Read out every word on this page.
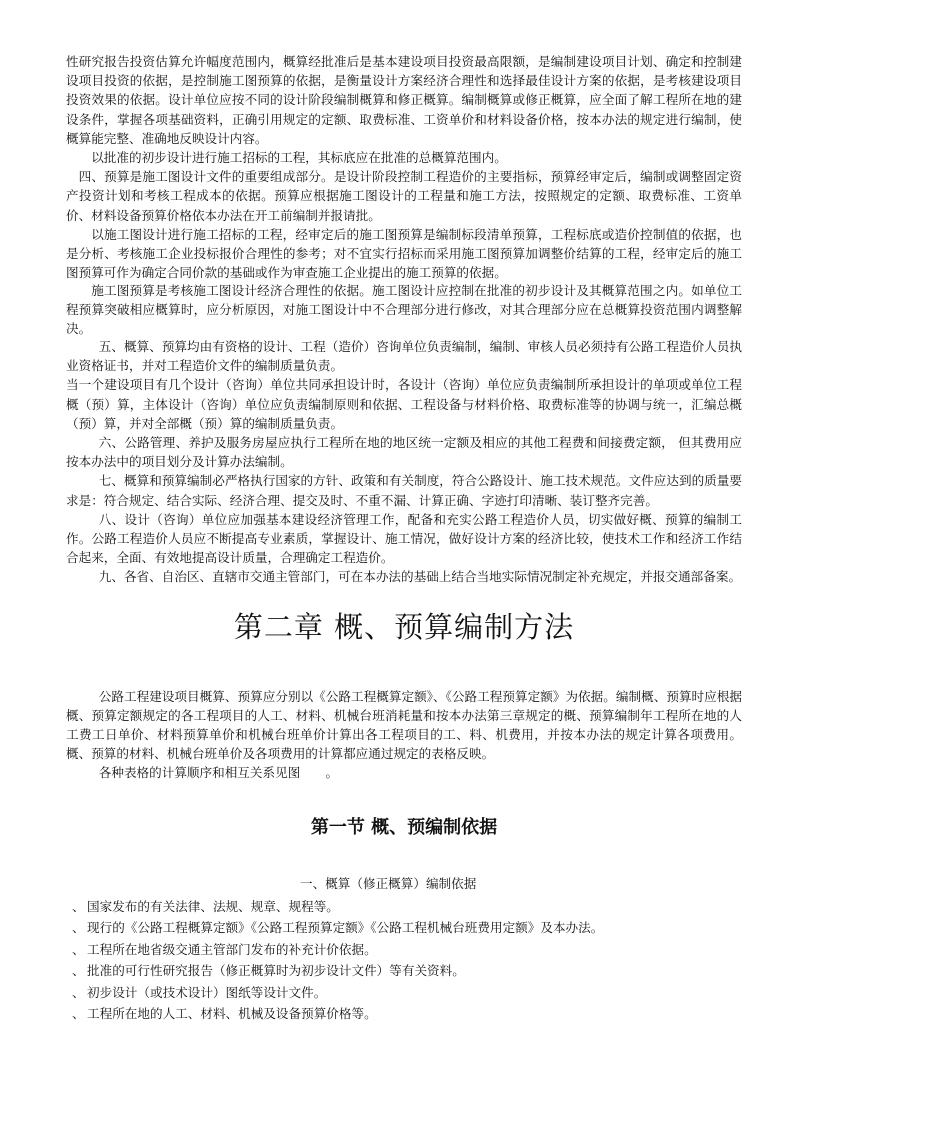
性研究报告投资估算允许幅度范围内，概算经批准后是基本建设项目投资最高限额，是编制建设项目计划、确定和控制建设项目投资的依据，是控制施工图预算的依据，是衡量设计方案经济合理性和选择最佳设计方案的依据，是考核建设项目投资效果的依据。设计单位应按不同的设计阶段编制概算和修正概算。编制概算或修正概算，应全面了解工程所在地的建设条件，掌握各项基础资料，正确引用规定的定额、取费标准、工资单价和材料设备价格，按本办法的规定进行编制，使概算能完整、准确地反映设计内容。

以批准的初步设计进行施工招标的工程，其标底应在批准的总概算范围内。

四、预算是施工图设计文件的重要组成部分。是设计阶段控制工程造价的主要指标，预算经审定后，编制或调整固定资产投资计划和考核工程成本的依据。预算应根据施工图设计的工程量和施工方法，按照规定的定额、取费标准、工资单价、材料设备预算价格依本办法在开工前编制并报请批。

以施工图设计进行施工招标的工程，经审定后的施工图预算是编制标段清单预算，工程标底或造价控制值的依据，也是分析、考核施工企业投标报价合理性的参考；对不宜实行招标而采用施工图预算加调整价结算的工程，经审定后的施工图预算可作为确定合同价款的基础或作为审查施工企业提出的施工预算的依据。

施工图预算是考核施工图设计经济合理性的依据。施工图设计应控制在批准的初步设计及其概算范围之内。如单位工程预算突破相应概算时，应分析原因，对施工图设计中不合理部分进行修改，对其合理部分应在总概算投资范围内调整解决。

五、概算、预算均由有资格的设计、工程（造价）咨询单位负责编制，编制、审核人员必须持有公路工程造价人员执业资格证书，并对工程造价文件的编制质量负责。

当一个建设项目有几个设计（咨询）单位共同承担设计时，各设计（咨询）单位应负责编制所承担设计的单项或单位工程概（预）算，主体设计（咨询）单位应负责编制原则和依据、工程设备与材料价格、取费标准等的协调与统一，汇编总概（预）算，并对全部概（预）算的编制质量负责。

六、公路管理、养护及服务房屋应执行工程所在地的地区统一定额及相应的其他工程费和间接费定额， 但其费用应按本办法中的项目划分及计算办法编制。

七、概算和预算编制必严格执行国家的方针、政策和有关制度，符合公路设计、施工技术规范。文件应达到的质量要求是：符合规定、结合实际、经济合理、提交及时、不重不漏、计算正确、字迹打印清晰、装订整齐完善。

八、设计（咨询）单位应加强基本建设经济管理工作，配备和充实公路工程造价人员，切实做好概、预算的编制工作。公路工程造价人员应不断提高专业素质，掌握设计、施工情况，做好设计方案的经济比较，使技术工作和经济工作结合起来，全面、有效地提高设计质量，合理确定工程造价。

九、各省、自治区、直辖市交通主管部门，可在本办法的基础上结合当地实际情况制定补充规定，并报交通部备案。

第二章 概、预算编制方法

公路工程建设项目概算、预算应分别以《公路工程概算定额》、《公路工程预算定额》为依据。编制概、预算时应根据概、预算定额规定的各工程项目的人工、材料、机械台班消耗量和按本办法第三章规定的概、预算编制年工程所在地的人工费工日单价、材料预算单价和机械台班单价计算出各工程项目的工、料、机费用，并按本办法的规定计算各项费用。概、预算的材料、机械台班单价及各项费用的计算都应通过规定的表格反映。

各种表格的计算顺序和相互关系见图　　。

第一节 概、预编制依据
一、概算（修正概算）编制依据
、 国家发布的有关法律、法规、规章、规程等。
、 现行的《公路工程概算定额》《公路工程预算定额》《公路工程机械台班费用定额》及本办法。
、 工程所在地省级交通主管部门发布的补充计价依据。
、 批准的可行性研究报告（修正概算时为初步设计文件）等有关资料。
、 初步设计（或技术设计）图纸等设计文件。
、 工程所在地的人工、材料、机械及设备预算价格等。
